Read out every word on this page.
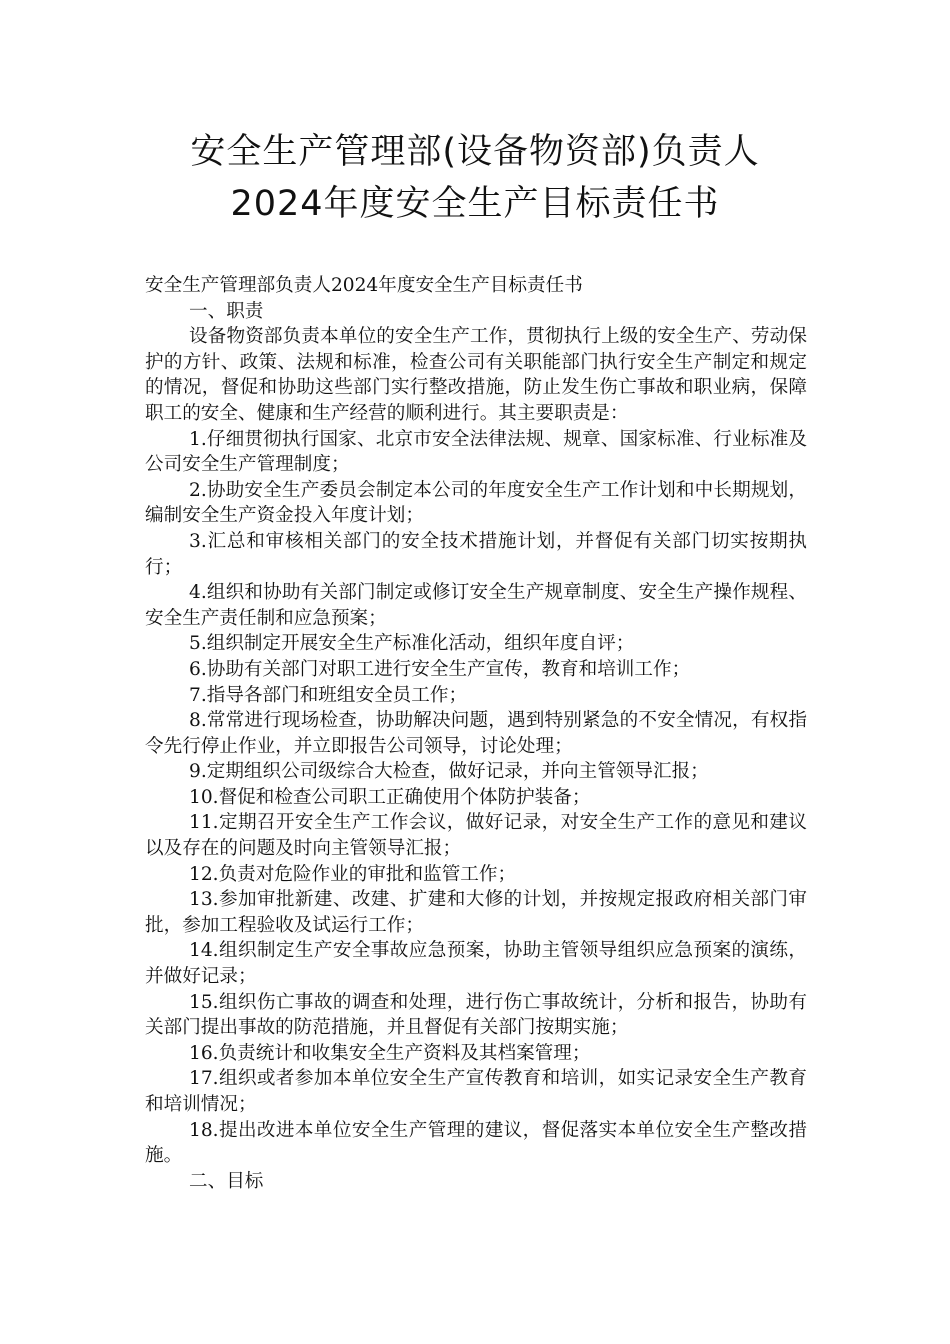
安全生产管理部(设备物资部)负责人
2024年度安全生产目标责任书

安全生产管理部负责人2024年度安全生产目标责任书

一、职责

设备物资部负责本单位的安全生产工作，贯彻执行上级的安全生产、劳动保护的方针、政策、法规和标准，检查公司有关职能部门执行安全生产制定和规定的情况，督促和协助这些部门实行整改措施，防止发生伤亡事故和职业病，保障职工的安全、健康和生产经营的顺利进行。其主要职责是：

1.仔细贯彻执行国家、北京市安全法律法规、规章、国家标准、行业标准及公司安全生产管理制度；

2.协助安全生产委员会制定本公司的年度安全生产工作计划和中长期规划，编制安全生产资金投入年度计划；

3.汇总和审核相关部门的安全技术措施计划，并督促有关部门切实按期执行；

4.组织和协助有关部门制定或修订安全生产规章制度、安全生产操作规程、安全生产责任制和应急预案；

5.组织制定开展安全生产标准化活动，组织年度自评；

6.协助有关部门对职工进行安全生产宣传，教育和培训工作；

7.指导各部门和班组安全员工作；

8.常常进行现场检查，协助解决问题，遇到特别紧急的不安全情况，有权指令先行停止作业，并立即报告公司领导，讨论处理；

9.定期组织公司级综合大检查，做好记录，并向主管领导汇报；

10.督促和检查公司职工正确使用个体防护装备；

11.定期召开安全生产工作会议，做好记录，对安全生产工作的意见和建议以及存在的问题及时向主管领导汇报；

12.负责对危险作业的审批和监管工作；

13.参加审批新建、改建、扩建和大修的计划，并按规定报政府相关部门审批，参加工程验收及试运行工作；

14.组织制定生产安全事故应急预案，协助主管领导组织应急预案的演练，并做好记录；

15.组织伤亡事故的调查和处理，进行伤亡事故统计，分析和报告，协助有关部门提出事故的防范措施，并且督促有关部门按期实施；

16.负责统计和收集安全生产资料及其档案管理；

17.组织或者参加本单位安全生产宣传教育和培训，如实记录安全生产教育和培训情况；

18.提出改进本单位安全生产管理的建议，督促落实本单位安全生产整改措施。

二、目标
